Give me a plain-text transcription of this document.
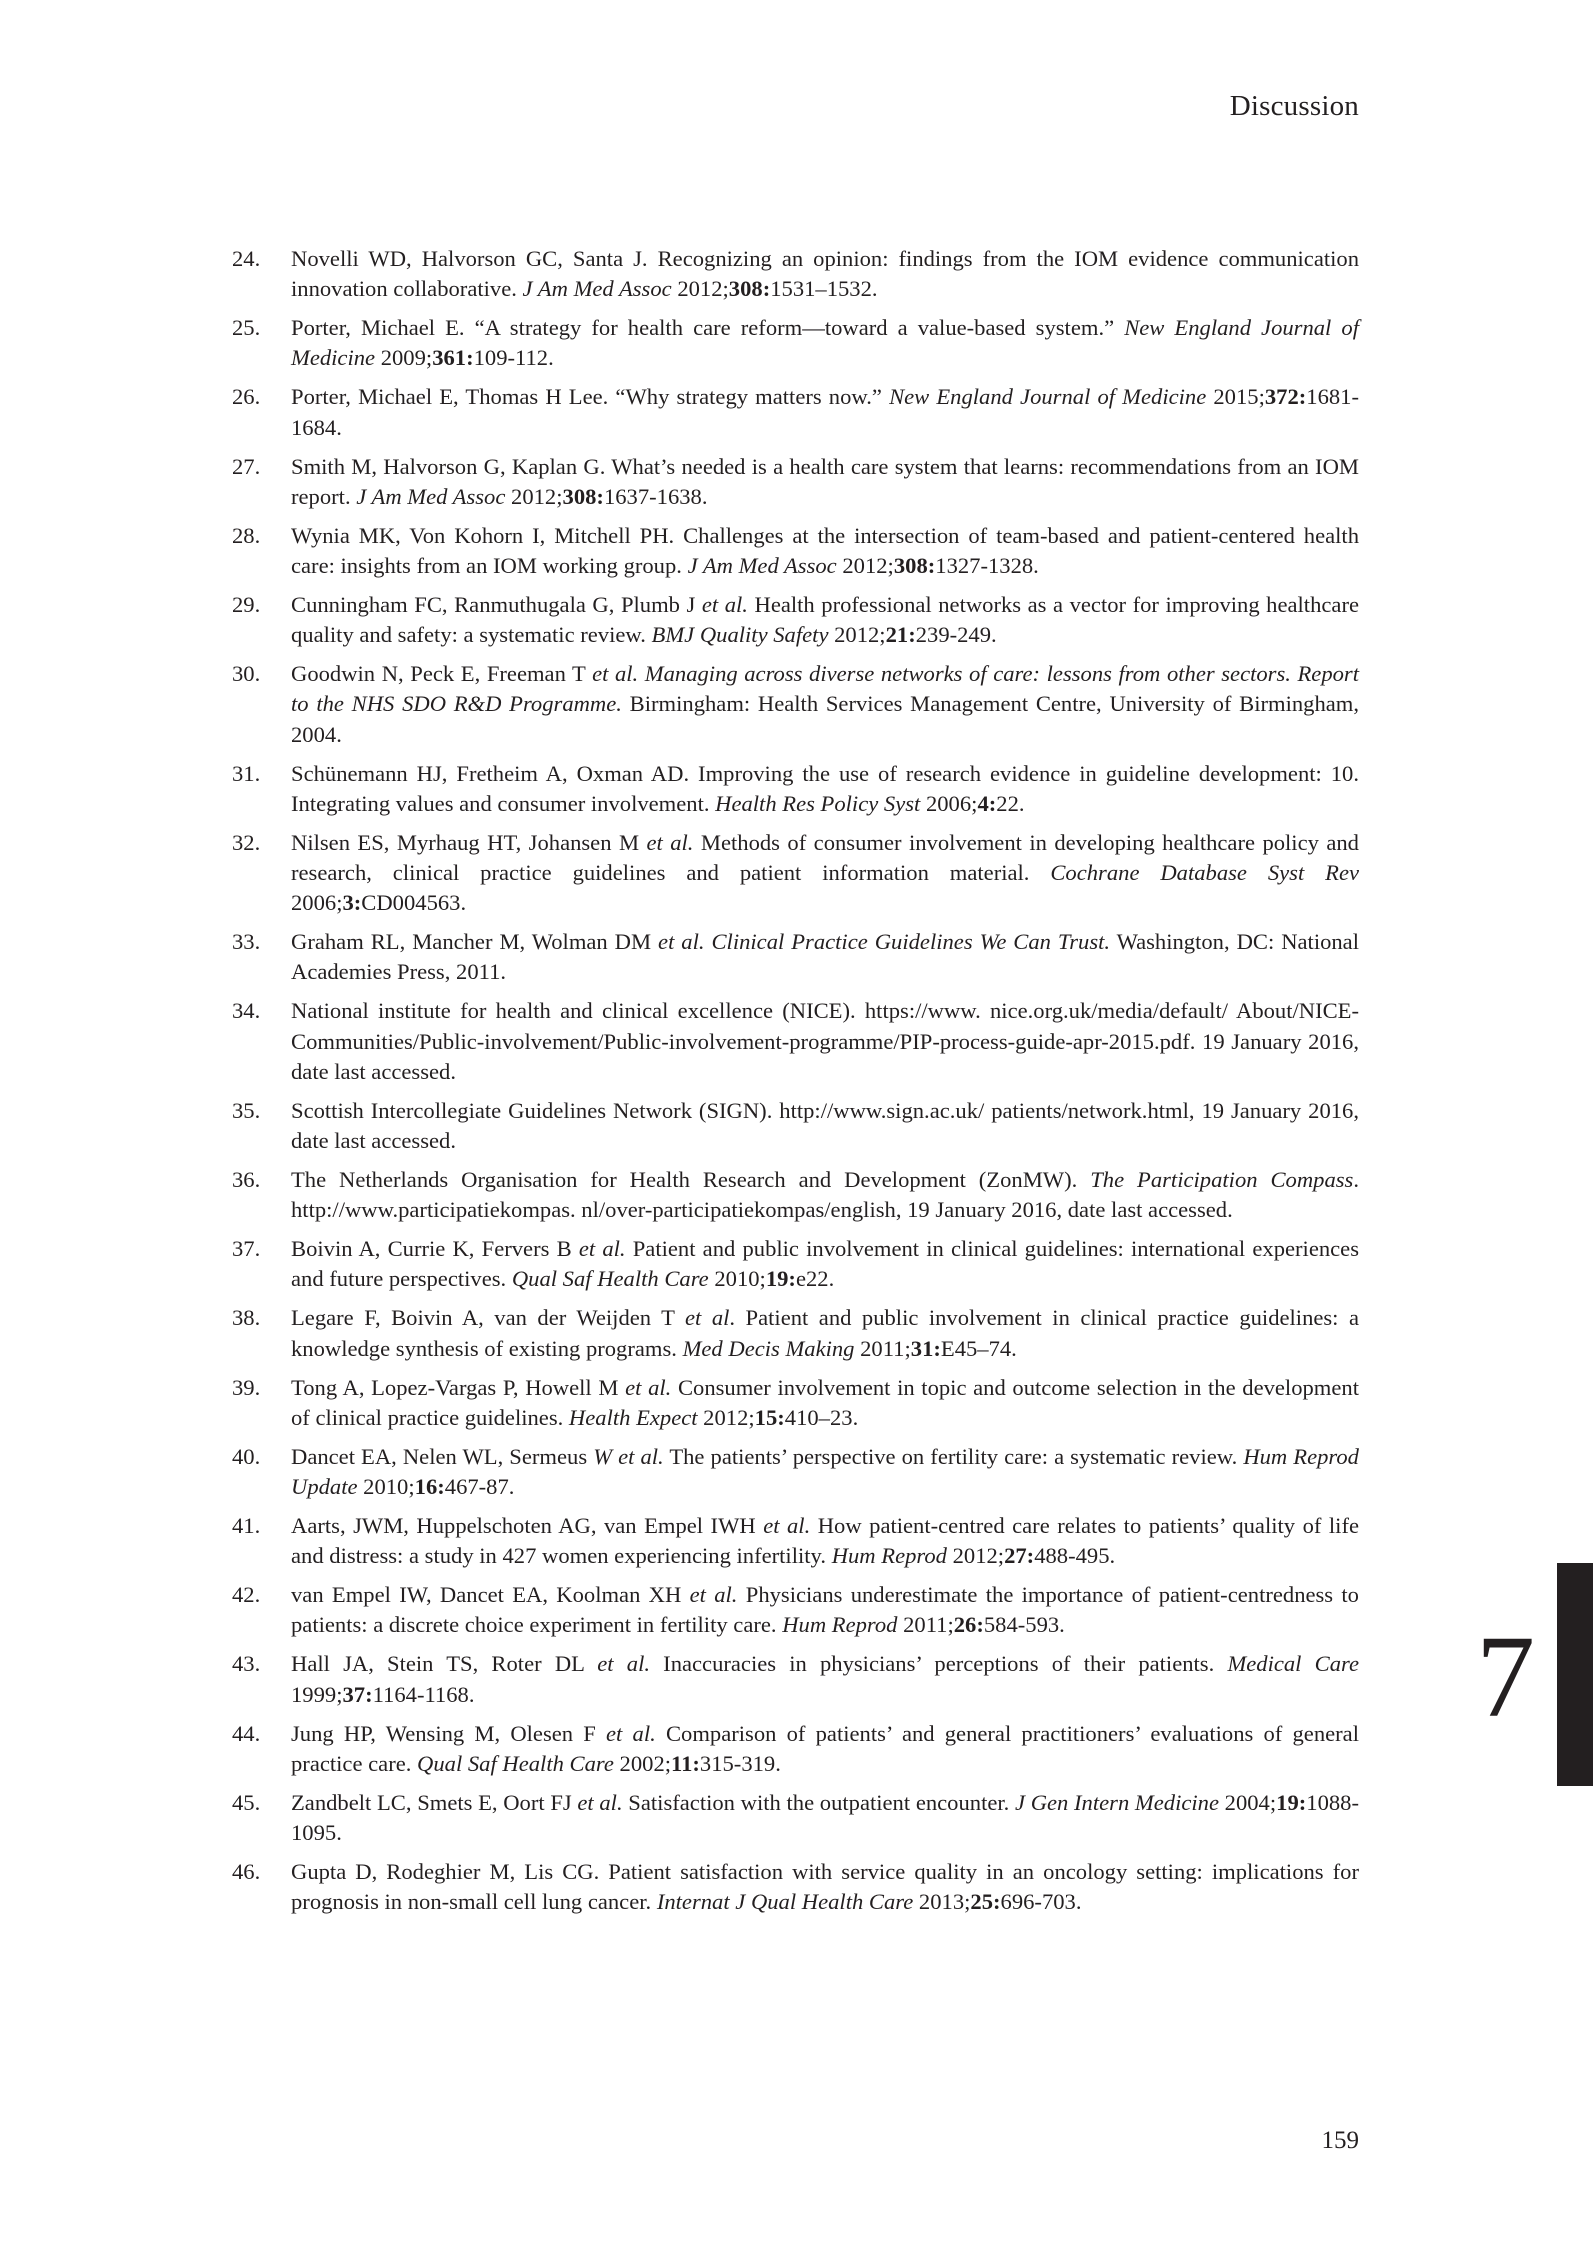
Discussion
24.	Novelli WD, Halvorson GC, Santa J. Recognizing an opinion: findings from the IOM evidence communication innovation collaborative. J Am Med Assoc 2012;308:1531–1532.
25.	Porter, Michael E. “A strategy for health care reform—toward a value-based system.” New England Journal of Medicine 2009;361:109-112.
26.	Porter, Michael E, Thomas H Lee. “Why strategy matters now.” New England Journal of Medicine 2015;372:1681-1684.
27.	Smith M, Halvorson G, Kaplan G. What’s needed is a health care system that learns: recommendations from an IOM report. J Am Med Assoc 2012;308:1637-1638.
28.	Wynia MK, Von Kohorn I, Mitchell PH. Challenges at the intersection of team-based and patient-centered health care: insights from an IOM working group. J Am Med Assoc 2012;308:1327-1328.
29.	Cunningham FC, Ranmuthugala G, Plumb J et al. Health professional networks as a vector for improving healthcare quality and safety: a systematic review. BMJ Quality Safety 2012;21:239-249.
30.	Goodwin N, Peck E, Freeman T et al. Managing across diverse networks of care: lessons from other sectors. Report to the NHS SDO R&D Programme. Birmingham: Health Services Management Centre, University of Birmingham, 2004.
31.	Schünemann HJ, Fretheim A, Oxman AD. Improving the use of research evidence in guideline development: 10. Integrating values and consumer involvement. Health Res Policy Syst 2006;4:22.
32.	Nilsen ES, Myrhaug HT, Johansen M et al. Methods of consumer involvement in developing healthcare policy and research, clinical practice guidelines and patient information material. Cochrane Database Syst Rev 2006;3:CD004563.
33.	Graham RL, Mancher M, Wolman DM et al. Clinical Practice Guidelines We Can Trust. Washington, DC: National Academies Press, 2011.
34.	National institute for health and clinical excellence (NICE). https://www. nice.org.uk/media/default/ About/NICE-Communities/Public-involvement/Public-involvement-programme/PIP-process-guide-apr-2015.pdf. 19 January 2016, date last accessed.
35.	Scottish Intercollegiate Guidelines Network (SIGN). http://www.sign.ac.uk/ patients/network.html, 19 January 2016, date last accessed.
36.	The Netherlands Organisation for Health Research and Development (ZonMW). The Participation Compass. http://www.participatiekompas. nl/over-participatiekompas/english, 19 January 2016, date last accessed.
37.	Boivin A, Currie K, Fervers B et al. Patient and public involvement in clinical guidelines: international experiences and future perspectives. Qual Saf Health Care 2010;19:e22.
38.	Legare F, Boivin A, van der Weijden T et al. Patient and public involvement in clinical practice guidelines: a knowledge synthesis of existing programs. Med Decis Making 2011;31:E45–74.
39.	Tong A, Lopez-Vargas P, Howell M et al. Consumer involvement in topic and outcome selection in the development of clinical practice guidelines. Health Expect 2012;15:410–23.
40.	Dancet EA, Nelen WL, Sermeus W et al. The patients’ perspective on fertility care: a systematic review. Hum Reprod Update 2010;16:467-87.
41.	Aarts, JWM, Huppelschoten AG, van Empel IWH et al. How patient-centred care relates to patients’ quality of life and distress: a study in 427 women experiencing infertility. Hum Reprod 2012;27:488-495.
42.	van Empel IW, Dancet EA, Koolman XH et al. Physicians underestimate the importance of patient-centredness to patients: a discrete choice experiment in fertility care. Hum Reprod 2011;26:584-593.
43.	Hall JA, Stein TS, Roter DL et al. Inaccuracies in physicians’ perceptions of their patients. Medical Care 1999;37:1164-1168.
44.	Jung HP, Wensing M, Olesen F et al. Comparison of patients’ and general practitioners’ evaluations of general practice care. Qual Saf Health Care 2002;11:315-319.
45.	Zandbelt LC, Smets E, Oort FJ et al. Satisfaction with the outpatient encounter. J Gen Intern Medicine 2004;19:1088-1095.
46.	Gupta D, Rodeghier M, Lis CG. Patient satisfaction with service quality in an oncology setting: implications for prognosis in non-small cell lung cancer. Internat J Qual Health Care 2013;25:696-703.
7
159
